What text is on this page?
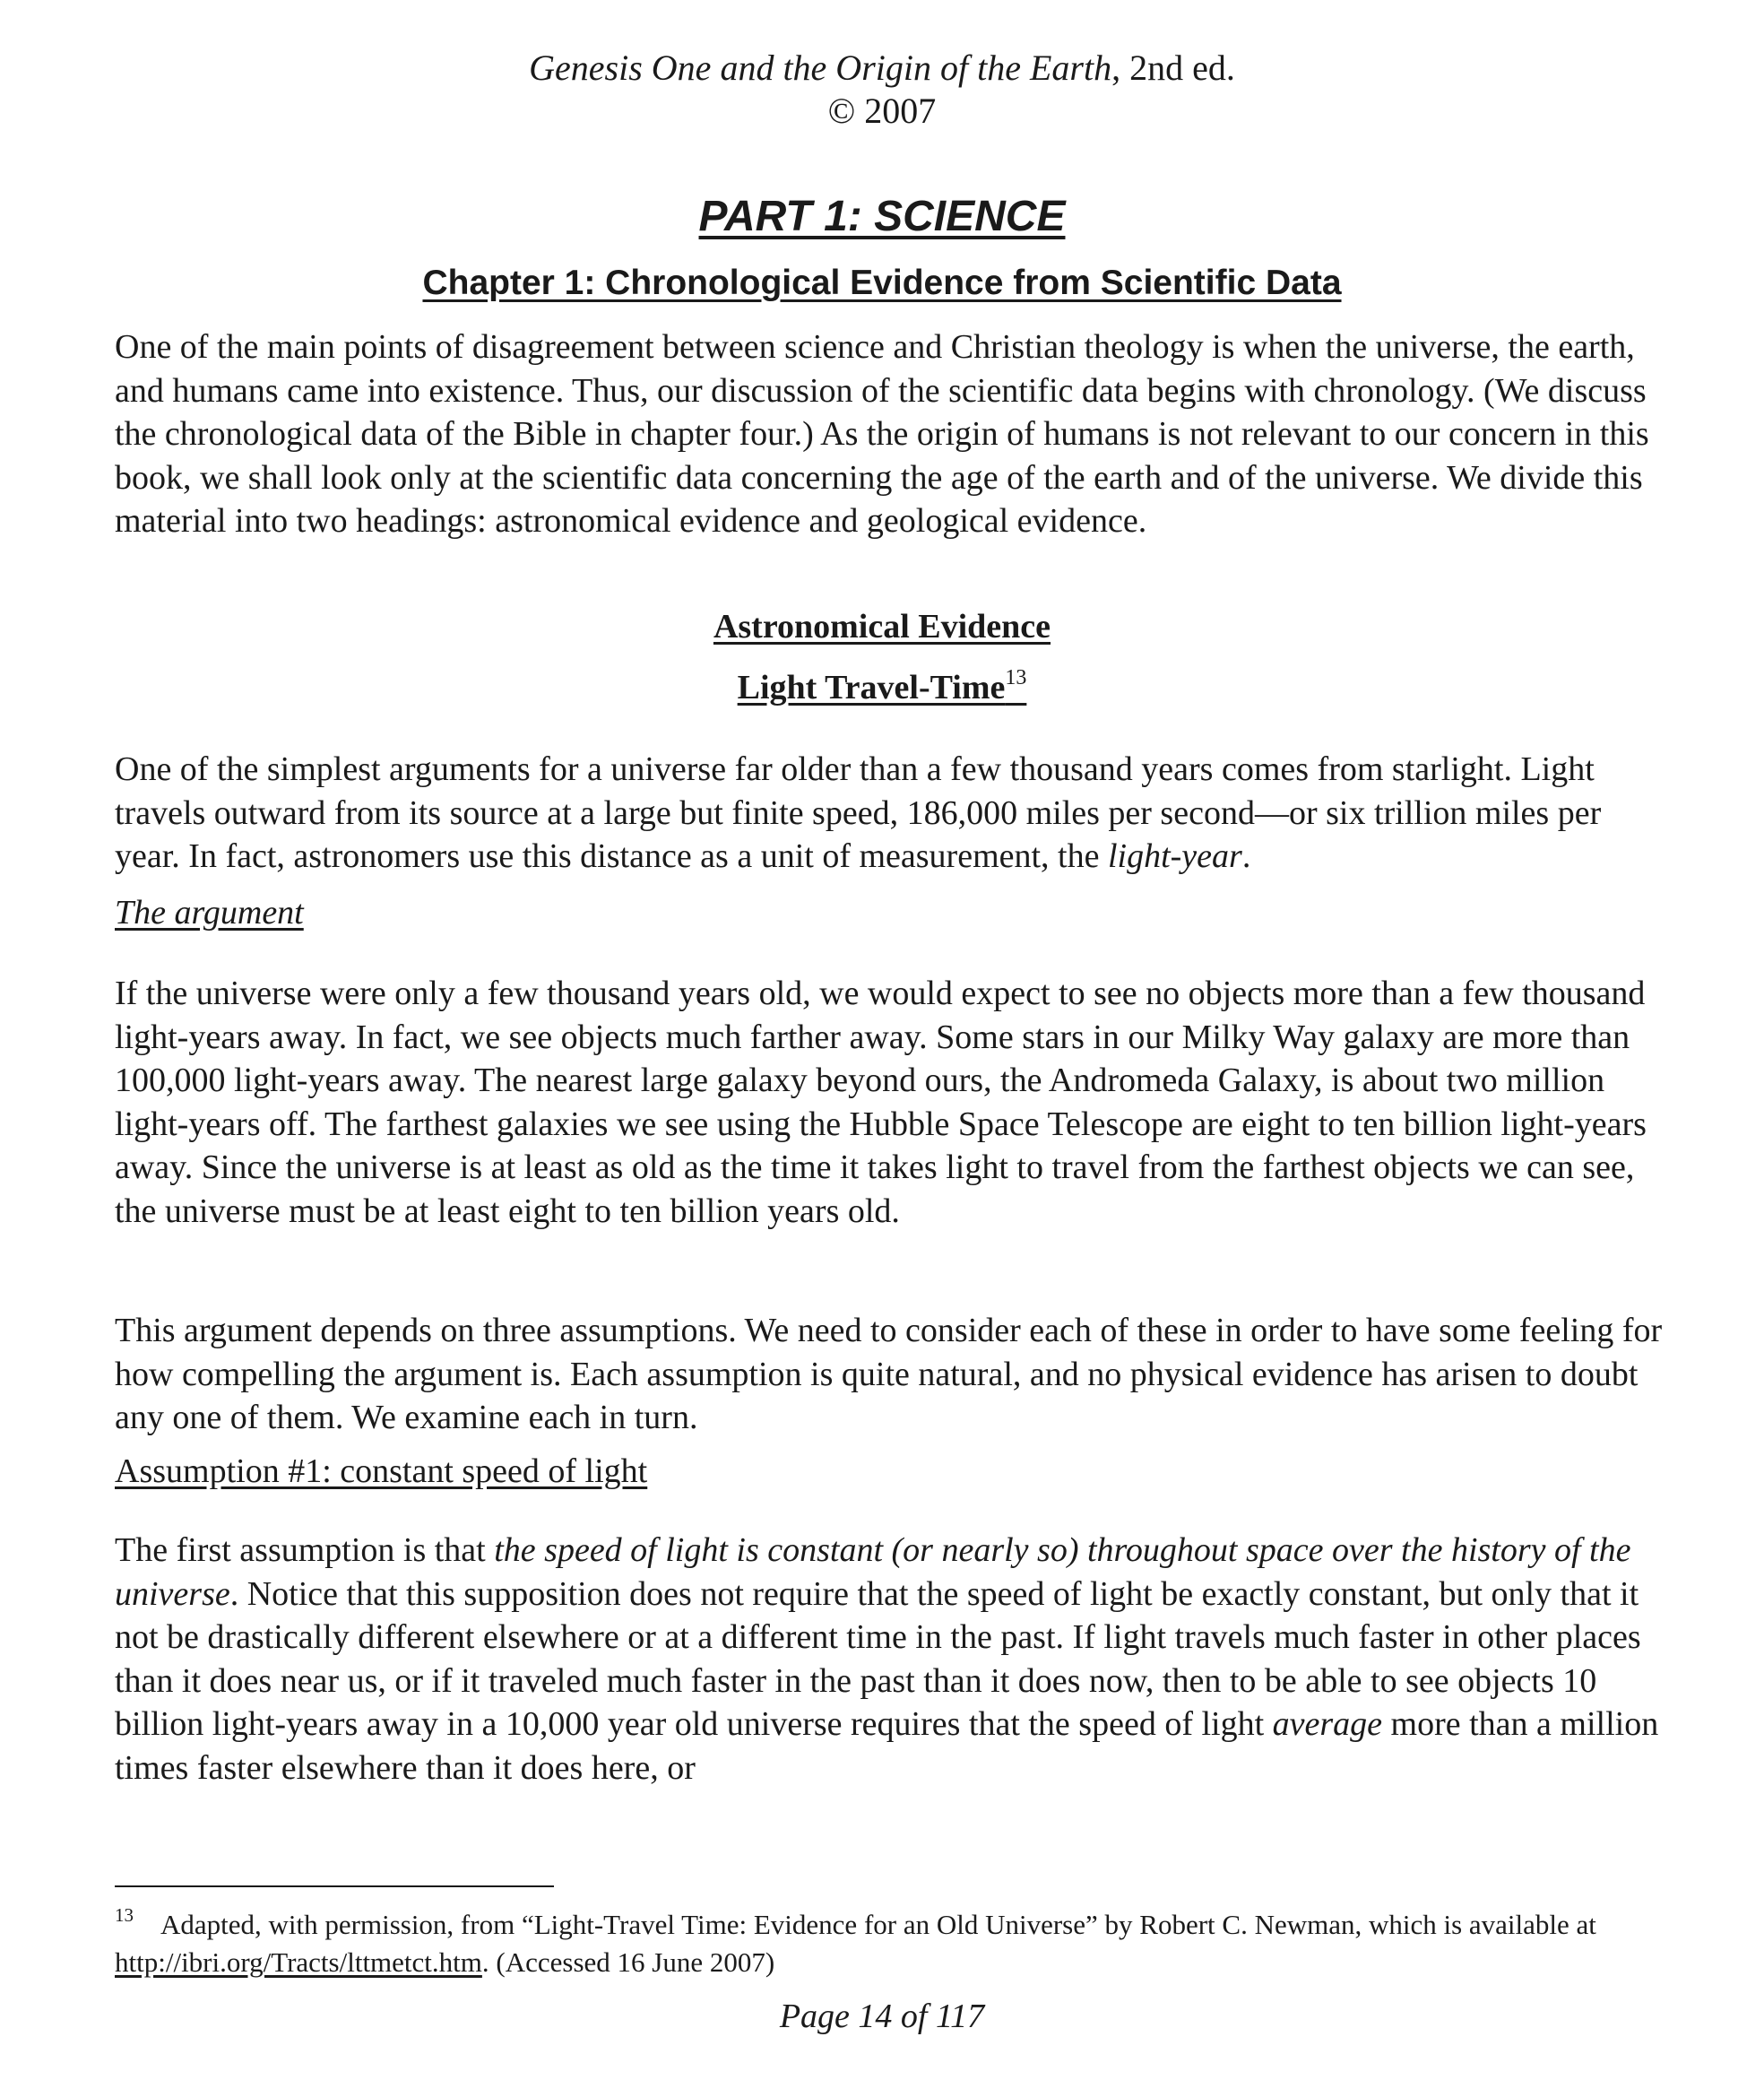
Genesis One and the Origin of the Earth, 2nd ed.
© 2007
PART 1: SCIENCE
Chapter 1: Chronological Evidence from Scientific Data

One of the main points of disagreement between science and Christian theology is when the universe, the earth, and humans came into existence. Thus, our discussion of the scientific data begins with chronology. (We discuss the chronological data of the Bible in chapter four.) As the origin of humans is not relevant to our concern in this book, we shall look only at the scientific data concerning the age of the earth and of the universe. We divide this material into two headings: astronomical evidence and geological evidence.

Astronomical Evidence
Light Travel-Time$^{13}$

One of the simplest arguments for a universe far older than a few thousand years comes from starlight. Light travels outward from its source at a large but finite speed, 186,000 miles per second—or six trillion miles per year. In fact, astronomers use this distance as a unit of measurement, the light-year.

The argument

If the universe were only a few thousand years old, we would expect to see no objects more than a few thousand light-years away. In fact, we see objects much farther away. Some stars in our Milky Way galaxy are more than 100,000 light-years away. The nearest large galaxy beyond ours, the Andromeda Galaxy, is about two million light-years off. The farthest galaxies we see using the Hubble Space Telescope are eight to ten billion light-years away. Since the universe is at least as old as the time it takes light to travel from the farthest objects we can see, the universe must be at least eight to ten billion years old.

This argument depends on three assumptions. We need to consider each of these in order to have some feeling for how compelling the argument is. Each assumption is quite natural, and no physical evidence has arisen to doubt any one of them. We examine each in turn.

Assumption #1: constant speed of light

The first assumption is that the speed of light is constant (or nearly so) throughout space over the history of the universe. Notice that this supposition does not require that the speed of light be exactly constant, but only that it not be drastically different elsewhere or at a different time in the past. If light travels much faster in other places than it does near us, or if it traveled much faster in the past than it does now, then to be able to see objects 10 billion light-years away in a 10,000 year old universe requires that the speed of light average more than a million times faster elsewhere than it does here, or

$^{13}$ Adapted, with permission, from “Light-Travel Time: Evidence for an Old Universe” by Robert C. Newman, which is available at http://ibri.org/Tracts/lttmetct.htm. (Accessed 16 June 2007)
Page 14 of 117
